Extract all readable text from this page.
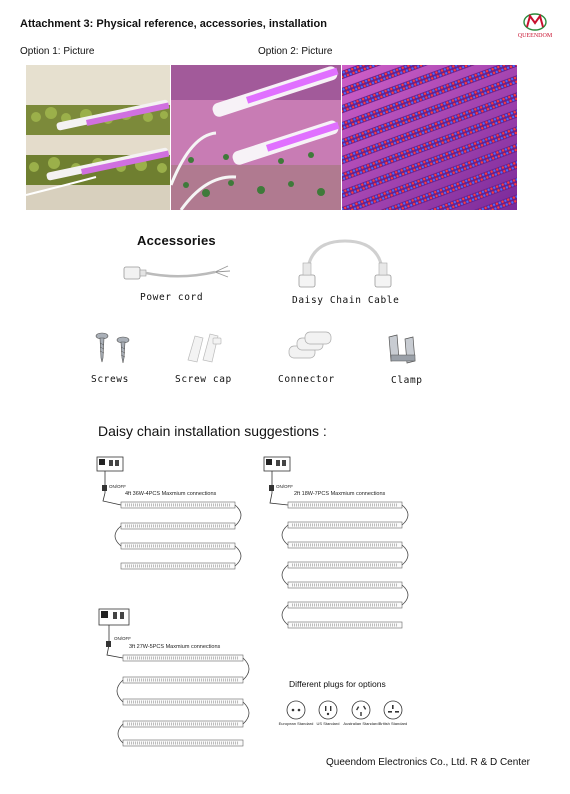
Attachment 3: Physical reference, accessories, installation
QUEENDOM
Option 1: Picture	Option 2: Picture
Accessories
Power cord	Daisy Chain Cable
Screws	Screw cap	Connector	Clamp
Daisy chain installation suggestions :
ON/OFF
4ft 36W-4PCS Maxmium connections
ON/OFF
2ft 18W-7PCS Maxmium connections
ON/OFF
3ft 27W-5PCS Maxmium connections
Different plugs for options
European Standard US Standard Australian Standard British Standard
Queendom Electronics Co., Ltd. R & D Center
